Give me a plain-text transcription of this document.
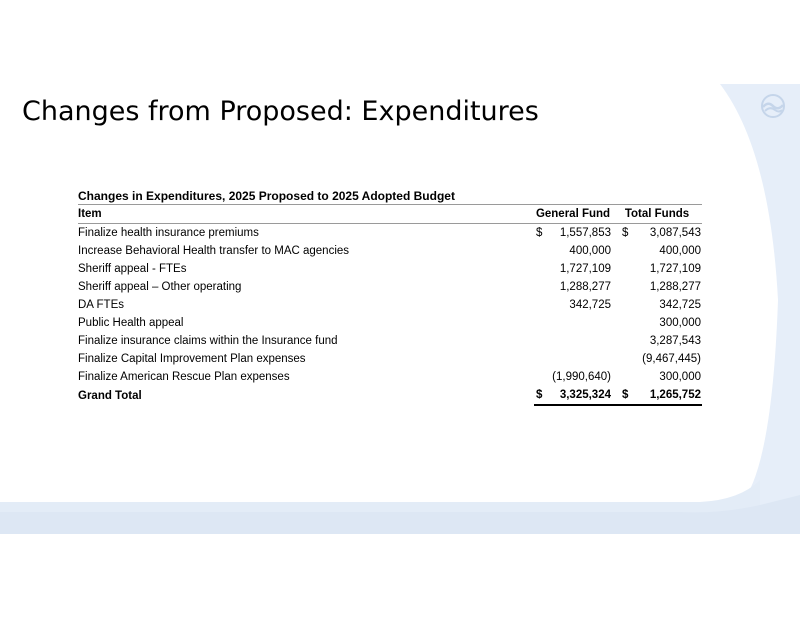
Changes from Proposed: Expenditures
Changes in Expenditures, 2025 Proposed to 2025 Adopted Budget
Item	General Fund	Total Funds
Finalize health insurance premiums	$ 1,557,853	$ 3,087,543

Increase Behavioral Health transfer to MAC agencies	400,000	400,000

Sheriff appeal - FTEs	1,727,109	1,727,109

Sheriff appeal – Other operating	1,288,277	1,288,277

DA FTEs	342,725	342,725

Public Health appeal		300,000

Finalize insurance claims within the Insurance fund		3,287,543

Finalize Capital Improvement Plan expenses		(9,467,445)

Finalize American Rescue Plan expenses	(1,990,640)	300,000

Grand Total	$ 3,325,324	$ 1,265,752
